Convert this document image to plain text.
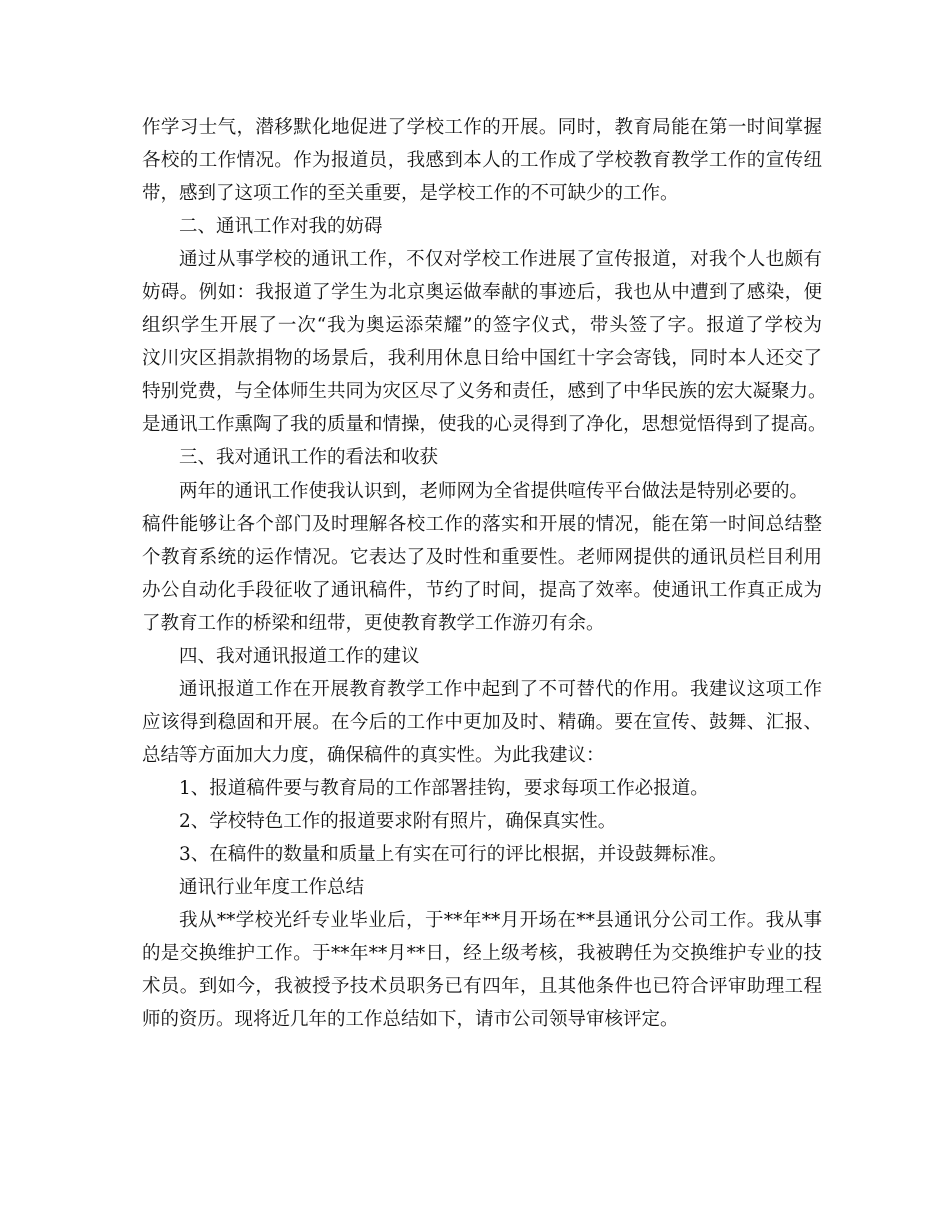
作学习士气，潜移默化地促进了学校工作的开展。同时，教育局能在第一时间掌握
各校的工作情况。作为报道员，我感到本人的工作成了学校教育教学工作的宣传纽
带，感到了这项工作的至关重要，是学校工作的不可缺少的工作。
二、通讯工作对我的妨碍
通过从事学校的通讯工作，不仅对学校工作进展了宣传报道，对我个人也颇有
妨碍。例如：我报道了学生为北京奥运做奉献的事迹后，我也从中遭到了感染，便
组织学生开展了一次“我为奥运添荣耀”的签字仪式，带头签了字。报道了学校为
汶川灾区捐款捐物的场景后，我利用休息日给中国红十字会寄钱，同时本人还交了
特别党费，与全体师生共同为灾区尽了义务和责任，感到了中华民族的宏大凝聚力。
是通讯工作熏陶了我的质量和情操，使我的心灵得到了净化，思想觉悟得到了提高。
三、我对通讯工作的看法和收获
两年的通讯工作使我认识到，老师网为全省提供喧传平台做法是特别必要的。
稿件能够让各个部门及时理解各校工作的落实和开展的情况，能在第一时间总结整
个教育系统的运作情况。它表达了及时性和重要性。老师网提供的通讯员栏目利用
办公自动化手段征收了通讯稿件，节约了时间，提高了效率。使通讯工作真正成为
了教育工作的桥梁和纽带，更使教育教学工作游刃有余。
四、我对通讯报道工作的建议
通讯报道工作在开展教育教学工作中起到了不可替代的作用。我建议这项工作
应该得到稳固和开展。在今后的工作中更加及时、精确。要在宣传、鼓舞、汇报、
总结等方面加大力度，确保稿件的真实性。为此我建议：
1、报道稿件要与教育局的工作部署挂钩，要求每项工作必报道。
2、学校特色工作的报道要求附有照片，确保真实性。
3、在稿件的数量和质量上有实在可行的评比根据，并设鼓舞标准。
通讯行业年度工作总结
我从**学校光纤专业毕业后，于**年**月开场在**县通讯分公司工作。我从事
的是交换维护工作。于**年**月**日，经上级考核，我被聘任为交换维护专业的技
术员。到如今，我被授予技术员职务已有四年，且其他条件也已符合评审助理工程
师的资历。现将近几年的工作总结如下，请市公司领导审核评定。
